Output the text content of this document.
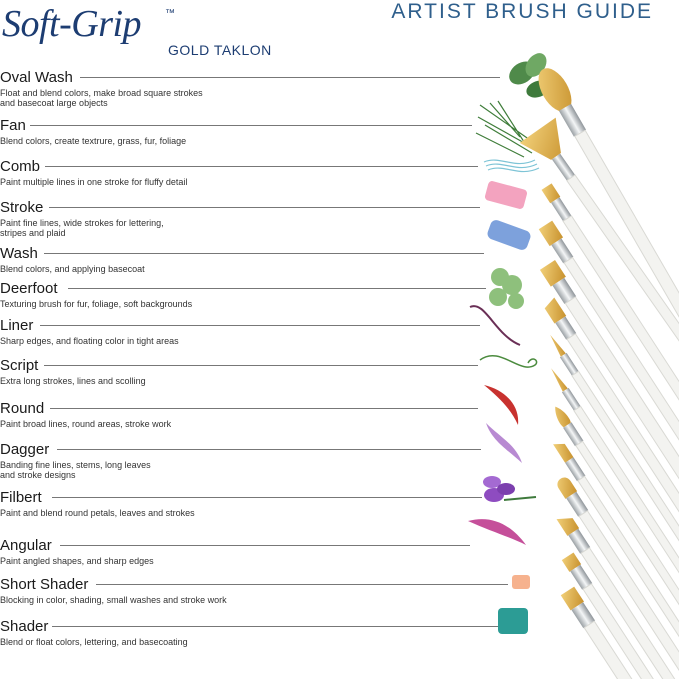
Soft-Grip ™
GOLD TAKLON
ARTIST BRUSH GUIDE
Oval Wash
Float and blend colors, make broad square strokes
and basecoat large objects
Fan
Blend colors, create textrure, grass, fur, foliage
Comb
Paint multiple lines in one stroke for fluffy detail
Stroke
Paint fine lines, wide strokes for lettering,
stripes and plaid
Wash
Blend colors, and applying basecoat
Deerfoot
Texturing brush for fur, foliage, soft backgrounds
Liner
Sharp edges, and floating color in tight areas
Script
Extra long strokes, lines and scolling
Round
Paint broad lines, round areas, stroke work
Dagger
Banding fine lines, stems, long leaves
and stroke designs
Filbert
Paint and blend round petals, leaves and strokes
Angular
Paint angled shapes, and sharp edges
Short Shader
Blocking in color, shading, small washes and stroke work
Shader
Blend or float colors, lettering, and basecoating
